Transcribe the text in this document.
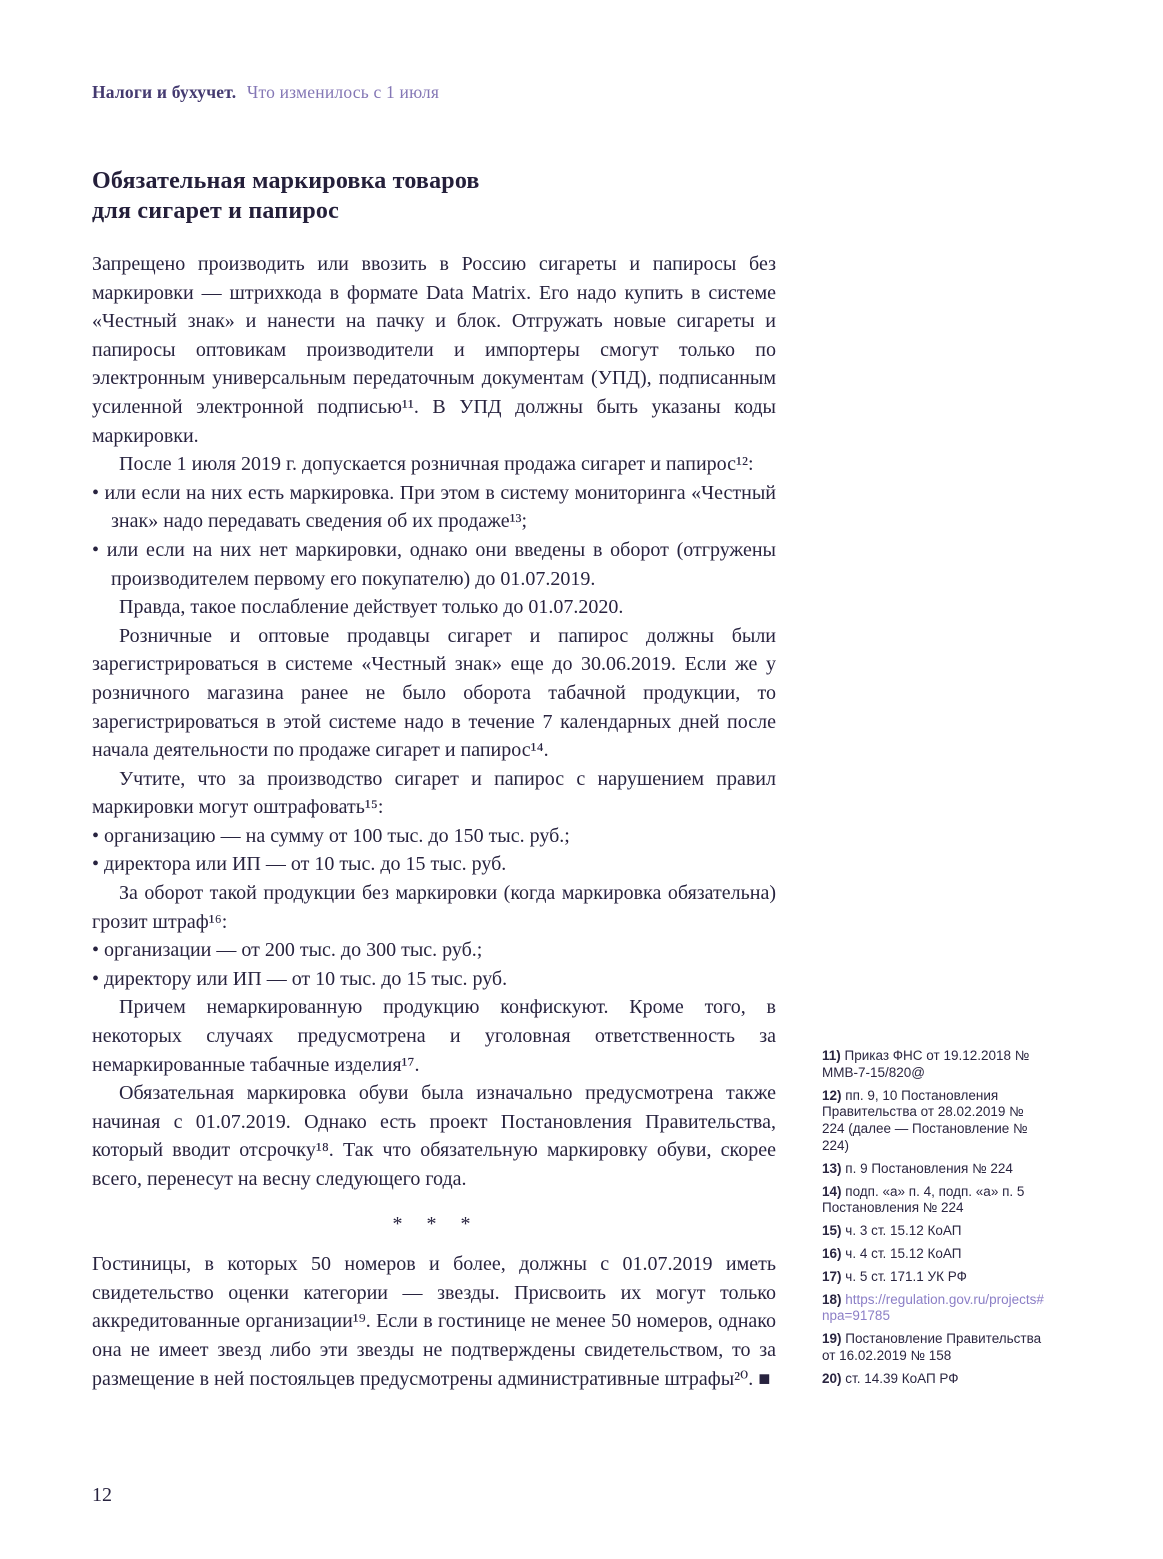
Налоги и бухучет. Что изменилось с 1 июля
Обязательная маркировка товаров
для сигарет и папирос

Запрещено производить или ввозить в Россию сигареты и папиросы без маркировки — штрихкода в формате Data Matrix. Его надо купить в системе «Честный знак» и нанести на пачку и блок. Отгружать новые сигареты и папиросы оптовикам производители и импортеры смогут только по электронным универсальным передаточным документам (УПД), подписанным усиленной электронной подписью¹¹. В УПД должны быть указаны коды маркировки.

После 1 июля 2019 г. допускается розничная продажа сигарет и папирос¹²:

• или если на них есть маркировка. При этом в систему мониторинга «Честный знак» надо передавать сведения об их продаже¹³;

• или если на них нет маркировки, однако они введены в оборот (отгружены производителем первому его покупателю) до 01.07.2019.

Правда, такое послабление действует только до 01.07.2020.

Розничные и оптовые продавцы сигарет и папирос должны были зарегистрироваться в системе «Честный знак» еще до 30.06.2019. Если же у розничного магазина ранее не было оборота табачной продукции, то зарегистрироваться в этой системе надо в течение 7 календарных дней после начала деятельности по продаже сигарет и папирос¹⁴.

Учтите, что за производство сигарет и папирос с нарушением правил маркировки могут оштрафовать¹⁵:

• организацию — на сумму от 100 тыс. до 150 тыс. руб.;

• директора или ИП — от 10 тыс. до 15 тыс. руб.

За оборот такой продукции без маркировки (когда маркировка обязательна) грозит штраф¹⁶:

• организации — от 200 тыс. до 300 тыс. руб.;

• директору или ИП — от 10 тыс. до 15 тыс. руб.

Причем немаркированную продукцию конфискуют. Кроме того, в некоторых случаях предусмотрена и уголовная ответственность за немаркированные табачные изделия¹⁷.

Обязательная маркировка обуви была изначально предусмотрена также начиная с 01.07.2019. Однако есть проект Постановления Правительства, который вводит отсрочку¹⁸. Так что обязательную маркировку обуви, скорее всего, перенесут на весну следующего года.

* * *

Гостиницы, в которых 50 номеров и более, должны с 01.07.2019 иметь свидетельство оценки категории — звезды. Присвоить их могут только аккредитованные организации¹⁹. Если в гостинице не менее 50 номеров, однако она не имеет звезд либо эти звезды не подтверждены свидетельством, то за размещение в ней постояльцев предусмотрены административные штрафы²⁰. ■

11) Приказ ФНС от 19.12.2018 № ММВ-7-15/820@
12) пп. 9, 10 Постановления Правительства от 28.02.2019 № 224 (далее — Постановление № 224)
13) п. 9 Постановления № 224
14) подп. «а» п. 4, подп. «а» п. 5 Постановления № 224
15) ч. 3 ст. 15.12 КоАП
16) ч. 4 ст. 15.12 КоАП
17) ч. 5 ст. 171.1 УК РФ
18) https://regulation.gov.ru/projects#npa=91785
19) Постановление Правительства от 16.02.2019 № 158
20) ст. 14.39 КоАП РФ
12
